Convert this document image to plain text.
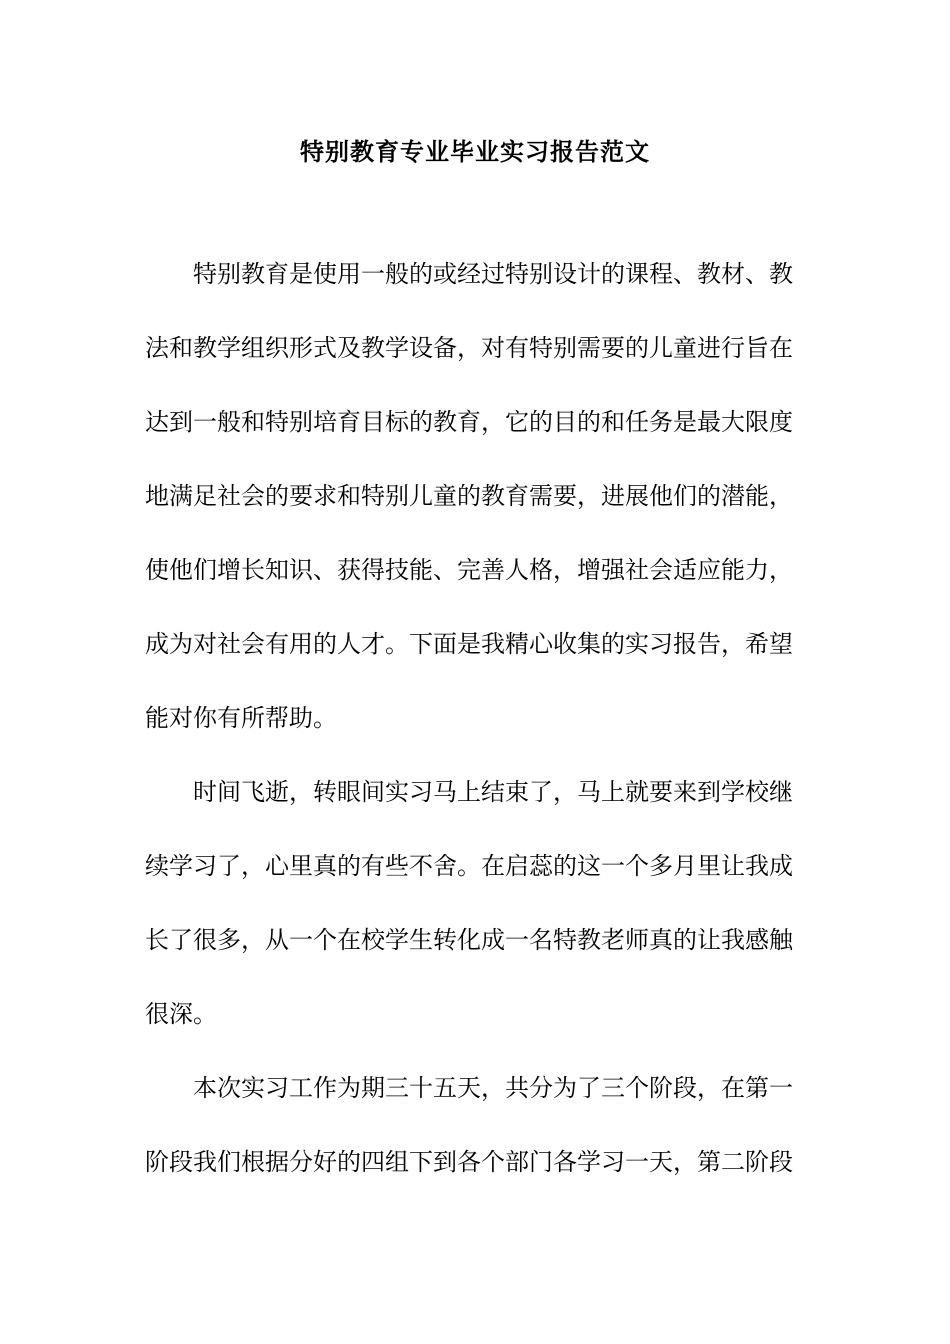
特别教育专业毕业实习报告范文
特别教育是使用一般的或经过特别设计的课程、教材、教
法和教学组织形式及教学设备，对有特别需要的儿童进行旨在
达到一般和特别培育目标的教育，它的目的和任务是最大限度
地满足社会的要求和特别儿童的教育需要，进展他们的潜能，
使他们增长知识、获得技能、完善人格，增强社会适应能力，
成为对社会有用的人才。下面是我精心收集的实习报告，希望
能对你有所帮助。
时间飞逝，转眼间实习马上结束了，马上就要来到学校继
续学习了，心里真的有些不舍。在启蕊的这一个多月里让我成
长了很多，从一个在校学生转化成一名特教老师真的让我感触
很深。
本次实习工作为期三十五天，共分为了三个阶段，在第一
阶段我们根据分好的四组下到各个部门各学习一天，第二阶段
